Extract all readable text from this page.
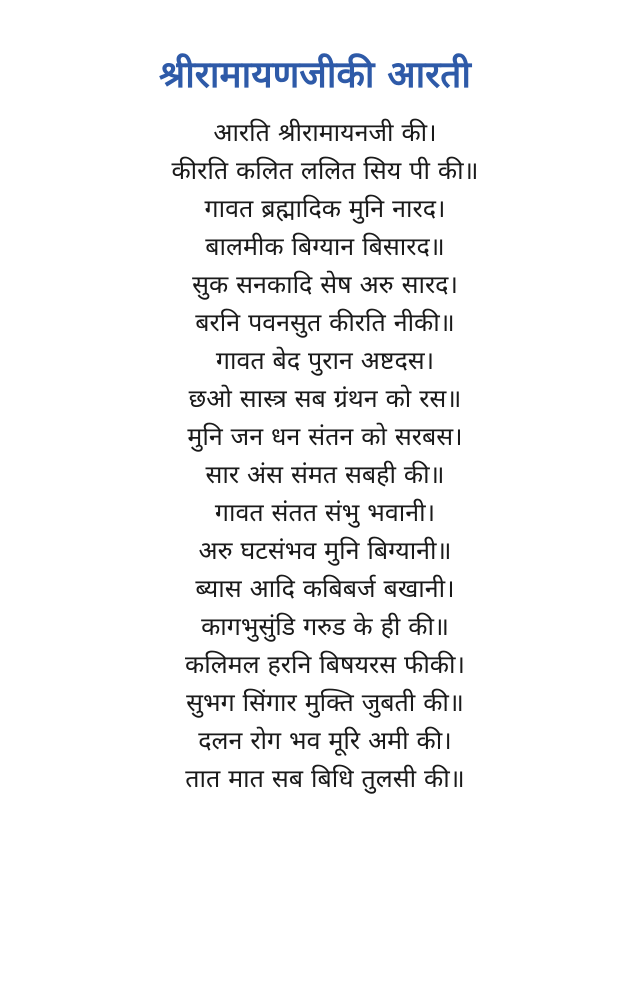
श्रीरामायणजीकी आरती
आरति श्रीरामायनजी की।
कीरति कलित ललित सिय पी की॥
गावत ब्रह्मादिक मुनि नारद।
बालमीक बिग्यान बिसारद॥
सुक सनकादि सेष अरु सारद।
बरनि पवनसुत कीरति नीकी॥
गावत बेद पुरान अष्टदस।
छओ सास्त्र सब ग्रंथन को रस॥
मुनि जन धन संतन को सरबस।
सार अंस संमत सबही की॥
गावत संतत संभु भवानी।
अरु घटसंभव मुनि बिग्यानी॥
ब्यास आदि कबिबर्ज बखानी।
कागभुसुंडि गरुड के ही की॥
कलिमल हरनि बिषयरस फीकी।
सुभग सिंगार मुक्ति जुबती की॥
दलन रोग भव मूरि अमी की।
तात मात सब बिधि तुलसी की॥
